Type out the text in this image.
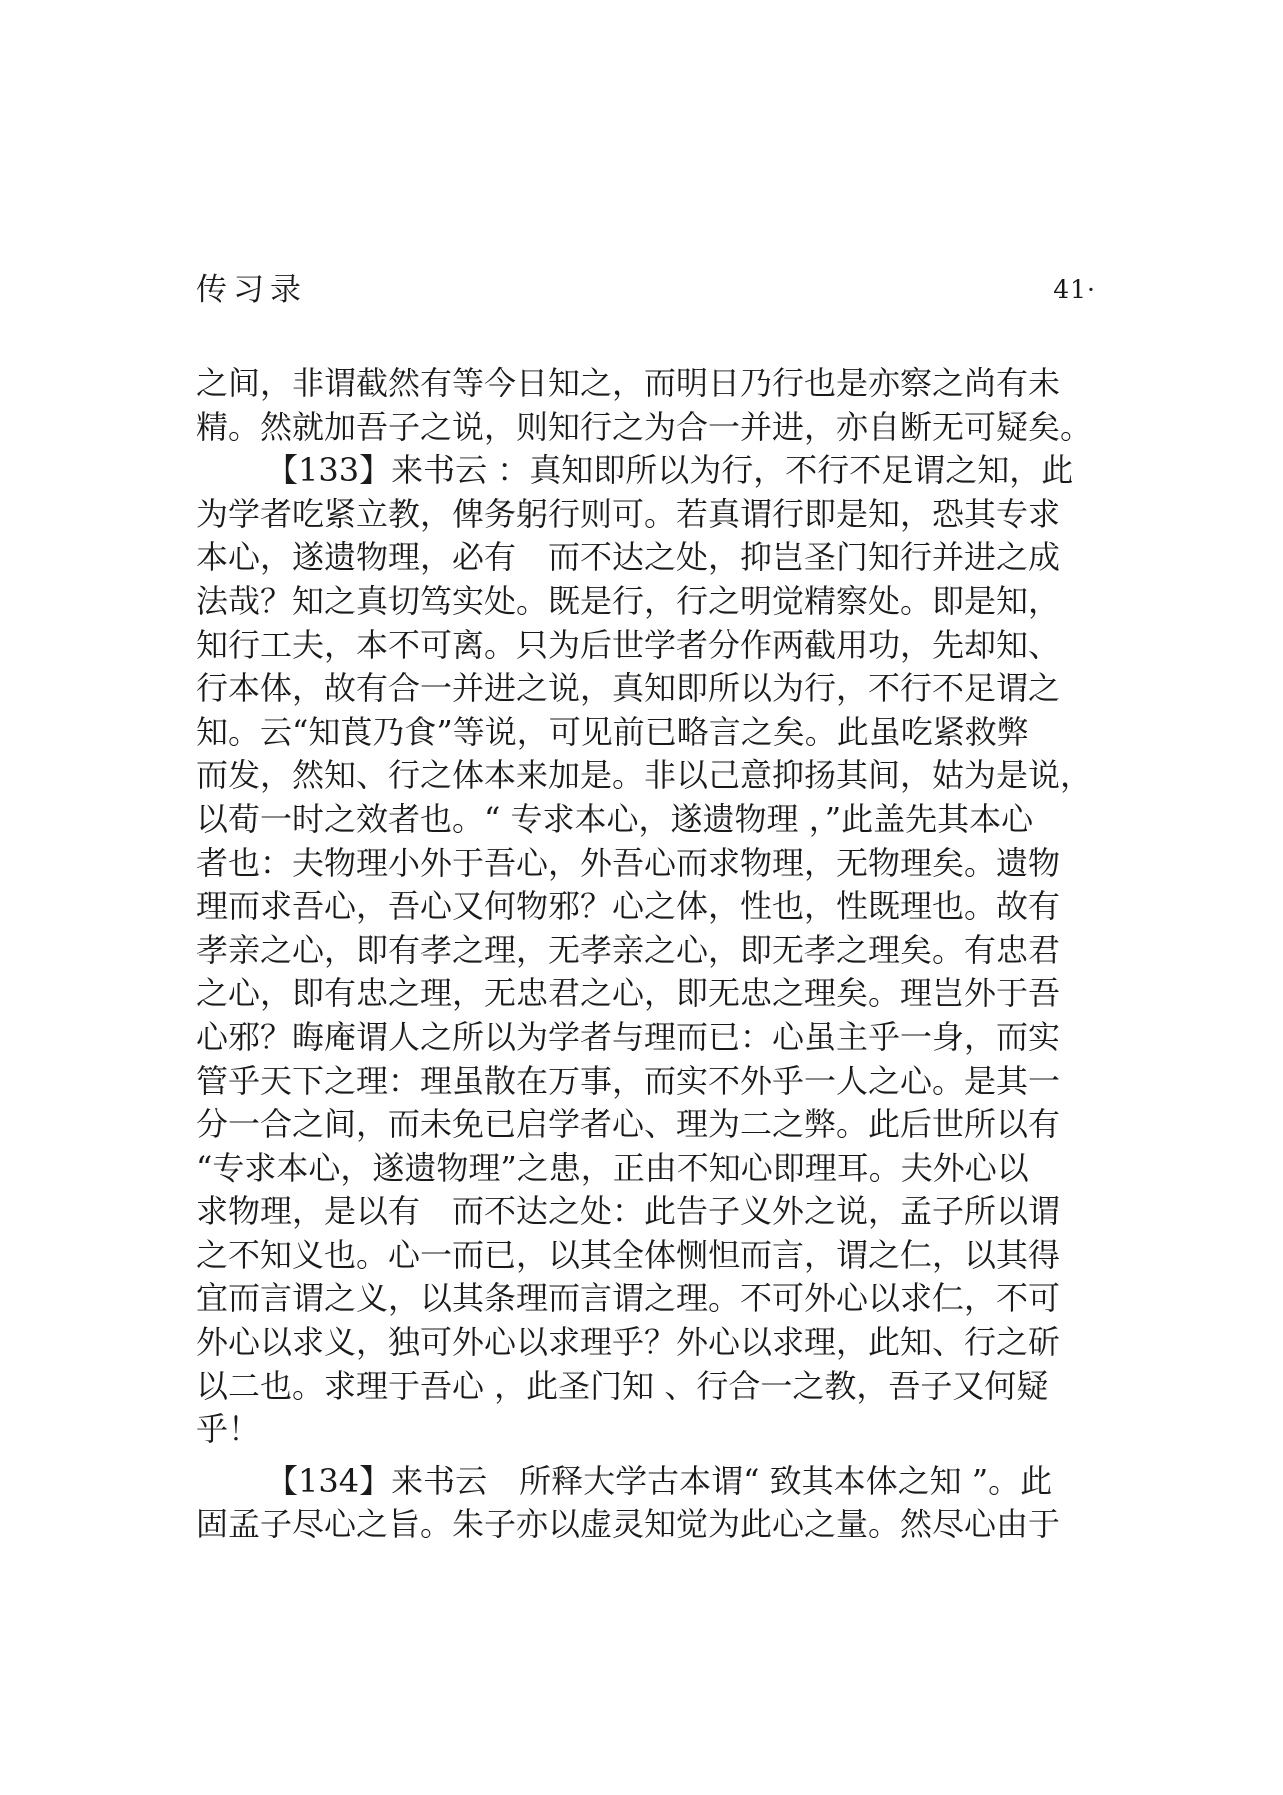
传习录	41·
之间，非谓截然有等今日知之，而明日乃行也是亦察之尚有未
精。然就加吾子之说，则知行之为合一并进，亦自断无可疑矣。
【133】来书云 ：真知即所以为行，不行不足谓之知，此
为学者吃紧立教，俾务躬行则可。若真谓行即是知，恐其专求
本心，遂遗物理，必有　而不达之处，抑岂圣门知行并进之成
法哉？知之真切笃实处。既是行，行之明觉精察处。即是知，
知行工夫，本不可离。只为后世学者分作两截用功，先却知、
行本体，故有合一并进之说，真知即所以为行，不行不足谓之
知。云“知莨乃食”等说，可见前已略言之矣。此虽吃紧救弊
而发，然知、行之体本来加是。非以己意抑扬其间，姑为是说，
以荀一时之效者也。“ 专求本心，遂遗物理 ，”此盖先其本心
者也：夫物理小外于吾心，外吾心而求物理，无物理矣。遗物
理而求吾心，吾心又何物邪？心之体，性也，性既理也。故有
孝亲之心，即有孝之理，无孝亲之心，即无孝之理矣。有忠君
之心，即有忠之理，无忠君之心，即无忠之理矣。理岂外于吾
心邪？晦庵谓人之所以为学者与理而已：心虽主乎一身，而实
管乎天下之理：理虽散在万事，而实不外乎一人之心。是其一
分一合之间，而未免已启学者心、理为二之弊。此后世所以有
“专求本心，遂遗物理”之患，正由不知心即理耳。夫外心以
求物理，是以有　而不达之处：此告子义外之说，孟子所以谓
之不知义也。心一而已，以其全体恻怛而言，谓之仁，以其得
宜而言谓之义，以其条理而言谓之理。不可外心以求仁，不可
外心以求义，独可外心以求理乎？外心以求理，此知、行之斫
以二也。求理于吾心 ，此圣门知 、行合一之教，吾子又何疑
乎！
【134】来书云　所释大学古本谓“ 致其本体之知 ”。此
固孟子尽心之旨。朱子亦以虚灵知觉为此心之量。然尽心由于
